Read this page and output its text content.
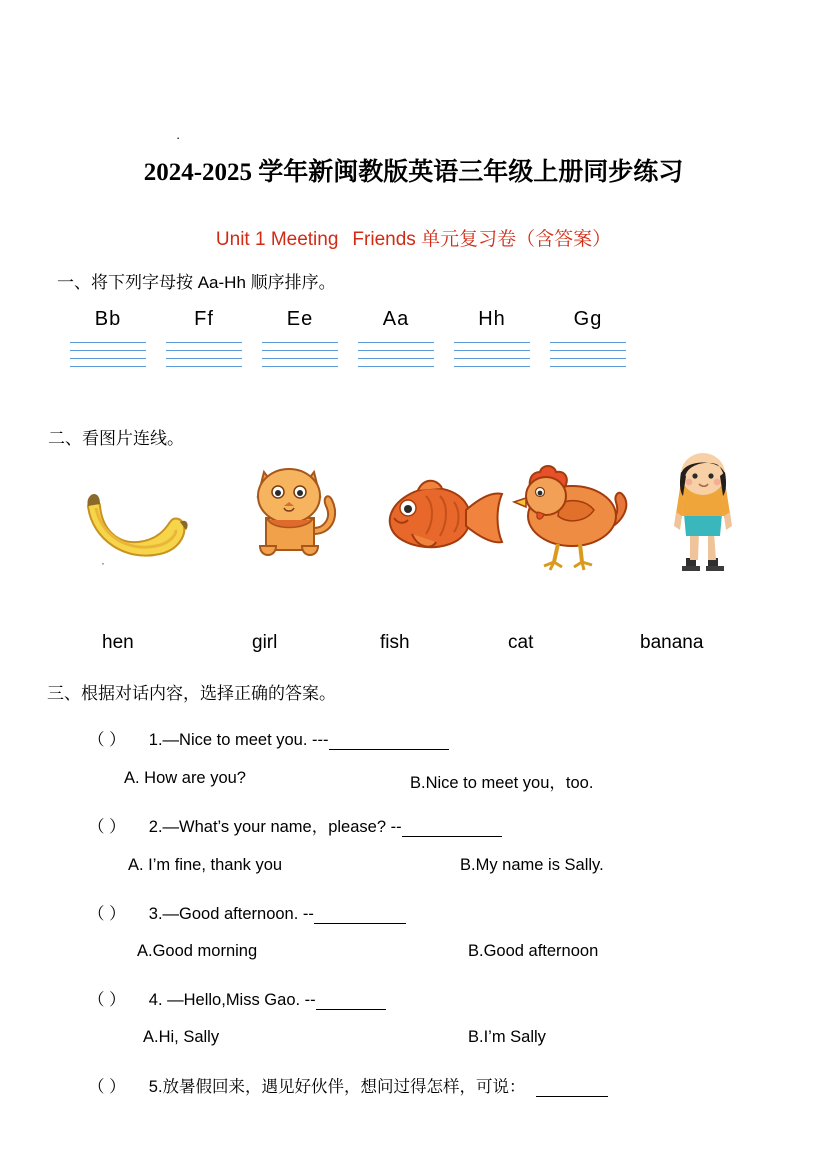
·
2024-2025 学年新闽教版英语三年级上册同步练习
Unit 1 Meeting Friends 单元复习卷（含答案）
一、将下列字母按 Aa-Hh 顺序排序。
Bb	Ff	Ee	Aa	Hh	Gg
二、看图片连线。
·
hen	girl	fish	cat	banana
三、根据对话内容，选择正确的答案。
（ ） 1.—Nice to meet you. ---
A. How are you?	B.Nice to meet you，too.
（ ） 2.—What’s your name，please? --
A. I’m fine, thank you	B.My name is Sally.
（ ） 3.—Good afternoon. --
A.Good morning	B.Good afternoon
（ ） 4. —Hello,Miss Gao. --
A.Hi, Sally	B.I’m Sally
（ ） 5.放暑假回来，遇见好伙伴，想问过得怎样，可说：
